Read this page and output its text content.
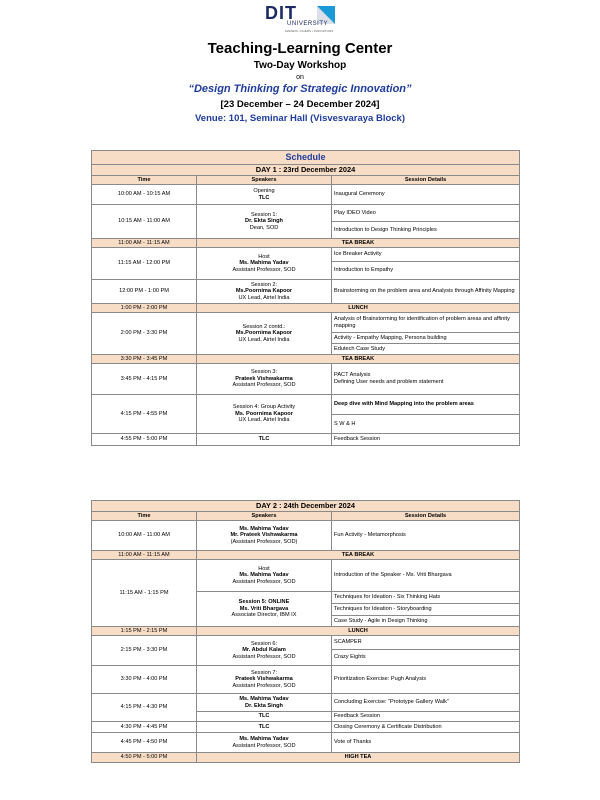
DIT
UNIVERSITY
MAKERS • DOERS • INNOVATORS
Teaching-Learning Center
Two-Day Workshop
on
“Design Thinking for Strategic Innovation”
[23 December – 24 December 2024]
Venue: 101, Seminar Hall (Visvesvaraya Block)
Schedule		
DAY 1 : 23rd December 2024		
Time	Speakers	Session Details
10:00 AM - 10:15 AM	Opening
TLC	Inaugural Ceremony
10:15 AM - 11:00 AM	Session 1:
Dr. Ekta Singh
Dean, SOD	Play IDEO Video
		Introduction to Design Thinking Principles
11:00 AM - 11:15 AM	TEA BREAK	
11:15 AM - 12:00 PM	Host
Ms. Mahima Yadav
Assistant Professor, SOD	Ice Breaker Activity
		Introduction to Empathy
12:00 PM - 1:00 PM	Session 2:
Ms.Poornima Kapoor
UX Lead, Airtel India	Brainstorming on the problem area and Analysis through Affinity Mapping
1:00 PM - 2:00 PM	LUNCH	
2:00 PM - 3:30 PM	Session 2 contd.:
Ms.Poornima Kapoor
UX Lead, Airtel India	Analysis of Brainstorming for identification of problem areas and affinity mapping
		Activity - Empathy Mapping, Persona building
		Edutech Case Study
3:30 PM - 3:45 PM	TEA BREAK	
3:45 PM - 4:15 PM	Session 3:
Prateek Vishwakarma
Assistant Professor, SOD	PACT Analysis
Defining User needs and problem statement

4:15 PM - 4:55 PM	Session 4: Group Activity
Ms. Poornima Kapoor
UX Lead, Airtel India	Deep dive with Mind Mapping into the problem areas
		S W & H
4:55 PM - 5:00 PM	TLC	Feedback Session
DAY 2 : 24th December 2024		
Time	Speakers	Session Details
10:00 AM - 11:00 AM	Ms. Mahima Yadav
Mr. Prateek Vishwakarma
(Assistant Professor, SOD)	Fun Activity - Metamorphosis
11:00 AM - 11:15 AM	TEA BREAK	
11:15 AM - 1:15 PM	Host
Ms. Mahima Yadav
Assistant Professor, SOD	Introduction of the Speaker - Ms. Vriti Bhargava

	Session 5: ONLINE
Ms. Vriti Bhargava
Associate Director, IBM IX	Techniques for Ideation - Six Thinking Hats
		Techniques for Ideation - Storyboarding
		Case Study - Agile in Design Thinking
1:15 PM - 2:15 PM	LUNCH	
2:15 PM - 3:30 PM	Session 6:
Mr. Abdul Kalam
Assistant Professor, SOD	SCAMPER
		Crazy Eights
3:30 PM - 4:00 PM	Session 7:
Prateek Vishwakarma
Assistant Professor, SOD	Prioritization Exercise: Pugh Analysis
4:15 PM - 4:30 PM	Ms. Mahima Yadav
Dr. Ekta Singh	Concluding Exercise: “Prototype Gallery Walk”
	TLC	Feedback Session
4:30 PM - 4:45 PM	TLC	Closing Ceremony & Certificate Distribution
4:45 PM - 4:50 PM	Ms. Mahima Yadav
Assistant Professor, SOD	Vote of Thanks
4:50 PM - 5:00 PM	HIGH TEA	
